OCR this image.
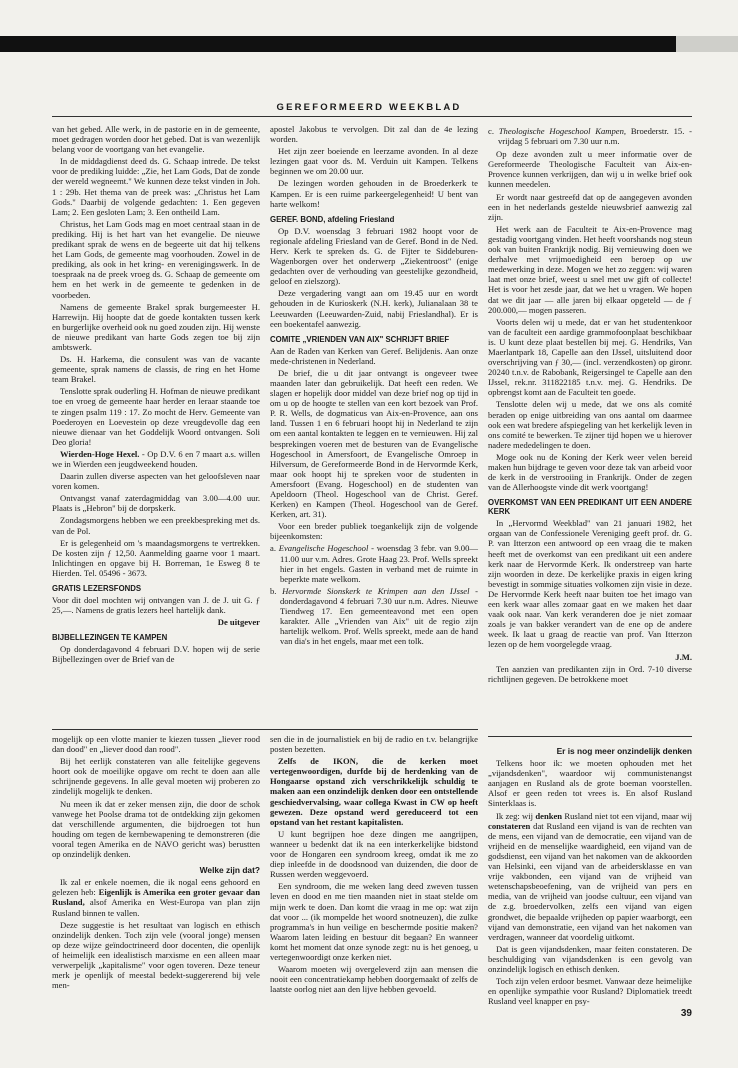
GEREFORMEERD WEEKBLAD

van het gebed. Alle werk, in de pastorie en in de gemeente, moet gedragen worden door het gebed. Dat is van wezenlijk belang voor de voortgang van het evangelie.

In de middagdienst deed ds. G. Schaap intrede. De tekst voor de prediking luidde: „Zie, het Lam Gods, Dat de zonde der wereld wegneemt." We kunnen deze tekst vinden in Joh. 1 : 29b. Het thema van de preek was: „Christus het Lam Gods." Daarbij de volgende gedachten: 1. Een gegeven Lam; 2. Een gesloten Lam; 3. Een ontheild Lam.

Christus, het Lam Gods mag en moet centraal staan in de prediking. Hij is het hart van het evangelie. De nieuwe predikant sprak de wens en de begeerte uit dat hij telkens het Lam Gods, de gemeente mag voorhouden. Zowel in de prediking, als ook in het kring- en verenigingswerk. In de toespraak na de preek vroeg ds. G. Schaap de gemeente om hem en het werk in de gemeente te gedenken in de voorbeden.

Namens de gemeente Brakel sprak burgemeester H. Harrewijn. Hij hoopte dat de goede kontakten tussen kerk en burgerlijke overheid ook nu goed zouden zijn. Hij wenste de nieuwe predikant van harte Gods zegen toe bij zijn ambtswerk.

Ds. H. Harkema, die consulent was van de vacante gemeente, sprak namens de classis, de ring en het Home team Brakel.

Tenslotte sprak ouderling H. Hofman de nieuwe predikant toe en vroeg de gemeente haar herder en leraar staande toe te zingen psalm 119 : 17. Zo mocht de Herv. Gemeente van Poederoyen en Loevestein op deze vreugdevolle dag een nieuwe dienaar van het Goddelijk Woord ontvangen. Soli Deo gloria!

Wierden-Hoge Hexel. - Op D.V. 6 en 7 maart a.s. willen we in Wierden een jeugdweekend houden.

Daarin zullen diverse aspecten van het geloofsleven naar voren komen.

Ontvangst vanaf zaterdagmiddag van 3.00—4.00 uur. Plaats is „Hebron" bij de dorpskerk.

Zondagsmorgens hebben we een preekbespreking met ds. van de Pol.

Er is gelegenheid om 's maandagsmorgens te vertrekken. De kosten zijn ƒ 12,50. Aanmelding gaarne voor 1 maart. Inlichtingen en opgave bij H. Borreman, 1e Esweg 8 te Hierden. Tel. 05496 - 3673.

GRATIS LEZERSFONDS

Voor dit doel mochten wij ontvangen van J. de J. uit G. ƒ 25,—. Namens de gratis lezers heel hartelijk dank.

De uitgever

BIJBELLEZINGEN TE KAMPEN

Op donderdagavond 4 februari D.V. hopen wij de serie Bijbellezingen over de Brief van de

apostel Jakobus te vervolgen. Dit zal dan de 4e lezing worden.

Het zijn zeer boeiende en leerzame avonden. In al deze lezingen gaat voor ds. M. Verduin uit Kampen. Telkens beginnen we om 20.00 uur.

De lezingen worden gehouden in de Broederkerk te Kampen. Er is een ruime parkeergelegenheid! U bent van harte welkom!

GEREF. BOND, afdeling Friesland

Op D.V. woensdag 3 februari 1982 hoopt voor de regionale afdeling Friesland van de Geref. Bond in de Ned. Herv. Kerk te spreken ds. G. de Fijter te Siddeburen-Wagenborgen over het onderwerp „Ziekentroost" (enige gedachten over de verhouding van geestelijke gezondheid, geloof en zielszorg).

Deze vergadering vangt aan om 19.45 uur en wordt gehouden in de Kurioskerk (N.H. kerk), Julianalaan 38 te Leeuwarden (Leeuwarden-Zuid, nabij Frieslandhal). Er is een boekentafel aanwezig.

COMITE „VRIENDEN VAN AIX" SCHRIJFT BRIEF

Aan de Raden van Kerken van Geref. Belijdenis. Aan onze mede-christenen in Nederland.

De brief, die u dit jaar ontvangt is ongeveer twee maanden later dan gebruikelijk. Dat heeft een reden. We slagen er hopelijk door middel van deze brief nog op tijd in om u op de hoogte te stellen van een kort bezoek van Prof. P. R. Wells, de dogmaticus van Aix-en-Provence, aan ons land. Tussen 1 en 6 februari hoopt hij in Nederland te zijn om een aantal kontakten te leggen en te vernieuwen. Hij zal besprekingen voeren met de besturen van de Evangelische Hogeschool in Amersfoort, de Evangelische Omroep in Hilversum, de Gereformeerde Bond in de Hervormde Kerk, maar ook hoopt hij te spreken voor de studenten in Amersfoort (Evang. Hogeschool) en de studenten van Apeldoorn (Theol. Hogeschool van de Christ. Geref. Kerken) en Kampen (Theol. Hogeschool van de Geref. Kerken, art. 31).

Voor een breder publiek toegankelijk zijn de volgende bijeenkomsten:

a. Evangelische Hogeschool - woensdag 3 febr. van 9.00—11.00 uur v.m. Adres. Grote Haag 23. Prof. Wells spreekt hier in het engels. Gasten in verband met de ruimte in beperkte mate welkom.
b. Hervormde Sionskerk te Krimpen aan den IJssel - donderdagavond 4 februari 7.30 uur n.m. Adres. Nieuwe Tiendweg 17. Een gemeenteavond met een open karakter. Alle „Vrienden van Aix" uit de regio zijn hartelijk welkom. Prof. Wells spreekt, mede aan de hand van dia's in het engels, maar met een tolk.
c. Theologische Hogeschool Kampen, Broederstr. 15. - vrijdag 5 februari om 7.30 uur n.m.

Op deze avonden zult u meer informatie over de Gereformeerde Theologische Faculteit van Aix-en-Provence kunnen verkrijgen, dan wij u in welke brief ook kunnen meedelen.

Er wordt naar gestreefd dat op de aangegeven avonden een in het nederlands gestelde nieuwsbrief aanwezig zal zijn.

Het werk aan de Faculteit te Aix-en-Provence mag gestadig voortgang vinden. Het heeft voorshands nog steun ook van buiten Frankrijk nodig. Bij vernieuwing doen we derhalve met vrijmoedigheid een beroep op uw medewerking in deze. Mogen we het zo zeggen: wij waren laat met onze brief, weest u snel met uw gift of collecte! Het is voor het zesde jaar, dat we het u vragen. We hopen dat we dit jaar — alle jaren bij elkaar opgeteld — de ƒ 200.000,— mogen passeren.

Voorts delen wij u mede, dat er van het studentenkoor van de faculteit een aardige grammofoonplaat beschikbaar is. U kunt deze plaat bestellen bij mej. G. Hendriks, Van Maerlantpark 18, Capelle aan den IJssel, uitsluitend door overschrijving van ƒ 30,— (incl. verzendkosten) op gironr. 20240 t.n.v. de Rabobank, Reigersingel te Capelle aan den IJssel, rek.nr. 311822185 t.n.v. mej. G. Hendriks. De opbrengst komt aan de Faculteit ten goede.

Tenslotte delen wij u mede, dat we ons als comité beraden op enige uitbreiding van ons aantal om daarmee ook een wat bredere afspiegeling van het kerkelijk leven in ons comité te bewerken. Te zijner tijd hopen we u hierover nadere mededelingen te doen.

Moge ook nu de Koning der Kerk weer velen bereid maken hun bijdrage te geven voor deze tak van arbeid voor de kerk in de verstrooiing in Frankrijk. Onder de zegen van de Allerhoogste vinde dit werk voortgang!

OVERKOMST VAN EEN PREDIKANT UIT EEN ANDERE KERK

In „Hervormd Weekblad" van 21 januari 1982, het orgaan van de Confessionele Vereniging geeft prof. dr. G. P. van Itterzon een antwoord op een vraag die te maken heeft met de overkomst van een predikant uit een andere kerk naar de Hervormde Kerk. Ik onderstreep van harte zijn woorden in deze. De kerkelijke praxis in eigen kring bevestigt in sommige situaties volkomen zijn visie in deze. De Hervormde Kerk heeft naar buiten toe het imago van een kerk waar alles zomaar gaat en we maken het daar vaak ook naar. Van kerk veranderen doe je niet zomaar zoals je van bakker verandert van de ene op de andere week. Ik laat u graag de reactie van prof. Van Itterzon lezen op de hem voorgelegde vraag.

J.M.

Ten aanzien van predikanten zijn in Ord. 7-10 diverse richtlijnen gegeven. De betrokkene moet

mogelijk op een vlotte manier te kiezen tussen „liever rood dan dood" en „liever dood dan rood".

Bij het eerlijk constateren van alle feitelijke gegevens hoort ook de moeilijke opgave om recht te doen aan alle schrijnende gegevens. In alle geval moeten wij proberen zo zindelijk mogelijk te denken.

Nu meen ik dat er zeker mensen zijn, die door de schok vanwege het Poolse drama tot de ontdekking zijn gekomen dat verschillende argumenten, die bijdroegen tot hun houding om tegen de kernbewapening te demonstreren (die vooral tegen Amerika en de NAVO gericht was) berustten op onzindelijk denken.

Welke zijn dat?

Ik zal er enkele noemen, die ik nogal eens gehoord en gelezen heb: Eigenlijk is Amerika een groter gevaar dan Rusland, alsof Amerika en West-Europa van plan zijn Rusland binnen te vallen.

Deze suggestie is het resultaat van logisch en ethisch onzindelijk denken. Toch zijn vele (vooral jonge) mensen op deze wijze geïndoctrineerd door docenten, die openlijk of heimelijk een idealistisch marxisme en een alleen maar verwerpelijk „kapitalisme" voor ogen toveren. Deze teneur merk je openlijk of meestal bedekt-suggererend bij vele men-

sen die in de journalistiek en bij de radio en t.v. belangrijke posten bezetten.

Zelfs de IKON, die de kerken moet vertegenwoordigen, durfde bij de herdenking van de Hongaarse opstand zich verschrikkelijk schuldig te maken aan een onzindelijk denken door een ontstellende geschiedvervalsing, waar collega Kwast in CW op heeft gewezen. Deze opstand werd gereduceerd tot een opstand van het restant kapitalisten.

U kunt begrijpen hoe deze dingen me aangrijpen, wanneer u bedenkt dat ik na een interkerkelijke bidstond voor de Hongaren een syndroom kreeg, omdat ik me zo diep inleefde in de doodsnood van duizenden, die door de Russen werden weggevoerd.

Een syndroom, die me weken lang deed zweven tussen leven en dood en me tien maanden niet in staat stelde om mijn werk te doen. Dan komt die vraag in me op: wat zijn dat voor ... (ik mompelde het woord snotneuzen), die zulke programma's in hun veilige en beschermde positie maken? Waarom laten leiding en bestuur dit begaan? En wanneer komt het moment dat onze synode zegt: nu is het genoeg, u vertegenwoordigt onze kerken niet.

Waarom moeten wij overgeleverd zijn aan mensen die nooit een concentratiekamp hebben doorgemaakt of zelfs de laatste oorlog niet aan den lijve hebben gevoeld.

Er is nog meer onzindelijk denken

Telkens hoor ik: we moeten ophouden met het „vijandsdenken", waardoor wij communistenangst aanjagen en Rusland als de grote boeman voorstellen. Alsof er geen reden tot vrees is. En alsof Rusland Sinterklaas is.

Ik zeg: wij denken Rusland niet tot een vijand, maar wij constateren dat Rusland een vijand is van de rechten van de mens, een vijand van de democratie, een vijand van de vrijheid en de menselijke waardigheid, een vijand van de godsdienst, een vijand van het nakomen van de akkoorden van Helsinki, een vijand van de arbeidersklasse en van vrije vakbonden, een vijand van de vrijheid van wetenschapsbeoefening, van de vrijheid van pers en media, van de vrijheid van joodse cultuur, een vijand van de z.g. broedervolken, zelfs een vijand van eigen grondwet, die bepaalde vrijheden op papier waarborgt, een vijand van demonstratie, een vijand van het nakomen van verdragen, wanneer dat voordelig uitkomt.

Dat is geen vijandsdenken, maar feiten constateren. De beschuldiging van vijandsdenken is een gevolg van onzindelijk logisch en ethisch denken.

Toch zijn velen erdoor besmet. Vanwaar deze heimelijke en openlijke sympathie voor Rusland? Diplomatiek treedt Rusland veel knapper en psy-

39
